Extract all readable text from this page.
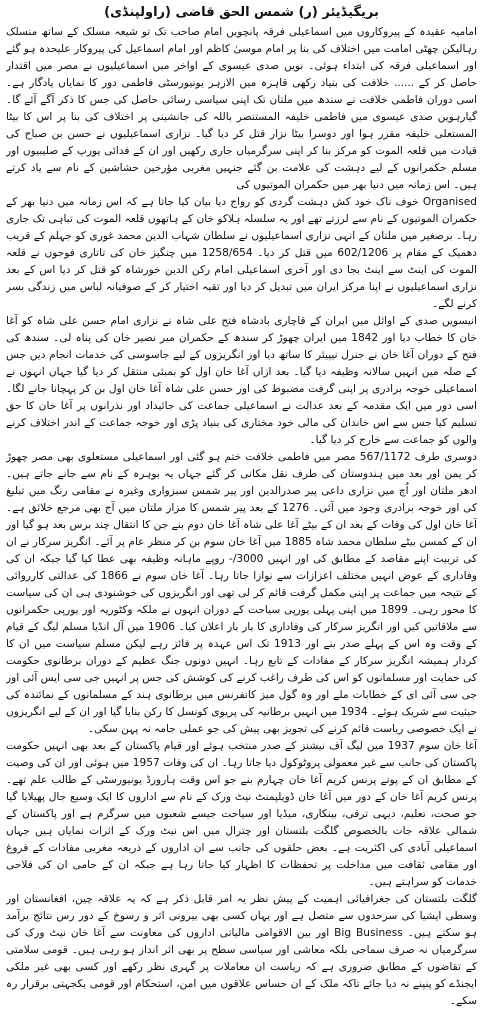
بریگیڈیئر (ر) شمس الحق قاضی (راولپنڈی)

امامیہ عقیدہ کے پیروکاروں میں اسماعیلی فرقہ پانچویں امام صاحب تک تو شیعہ مسلک کے ساتھ منسلک رہالیکن چھٹی امامت میں اختلاف کی بنا پر امام موسیٰ کاظم اور امام اسماعیل کی پیروکار علیحدہ ہو گئے اور اسماعیلی فرقہ کی ابتداء ہوئی۔ نویں صدی عیسوی کے اواخر میں اسماعیلیوں نے مصر میں اقتدار حاصل کر کے ...... خلافت کی بنیاد رکھی قاہرہ میں الازہر یونیورسٹی فاطمی دور کا نمایاں یادگار ہے۔ اسی دوران فاطمی خلافت نے سندھ میں ملتان تک اپنی سیاسی رسائی حاصل کی جس کا ذکر آگے آئے گا۔ گیارہویں صدی عیسوی میں فاطمی خلیفہ المستنصر باللہ کی جانشینی پر اختلاف کی بنا پر اس کا بیٹا المستعلی خلیفہ مقرر ہوا اور دوسرا بیٹا نزار قتل کر دیا گیا۔ نزاری اسماعیلیوں نے حسن بن صباح کی قیادت میں قلعہ الموت کو مرکز بنا کر اپنی سرگرمیاں جاری رکھیں اور ان کے فدائی یورپ کے صلیبیوں اور مسلم حکمرانوں کے لیے دہشت کی علامت بن گئے جنہیں مغربی مؤرخین حشاشین کے نام سے یاد کرتے ہیں۔ اس زمانہ میں دنیا بھر میں حکمران الموتیوں کی

Organised خوف ناک خود کش دہشت گردی کو رواج دیا بیان کیا جاتا ہے کہ اس زمانہ میں دنیا بھر کے حکمران الموتیوں کے نام سے لرزتے تھے اور یہ سلسلہ ہلاکو خان کے ہاتھوں قلعہ الموت کی تباہی تک جاری رہا۔ برصغیر میں ملتان کے انہی نزاری اسماعیلیوں نے سلطان شہاب الدین محمد غوری کو جہلم کے قریب دھمیک کے مقام پر 602/1206 میں قتل کر دیا۔ 1258/654 میں چنگیز خان کی تاتاری فوجوں نے قلعہ الموت کی اینٹ سے اینٹ بجا دی اور آخری اسماعیلی امام رکن الدین خورشاہ کو قتل کر دیا اس کے بعد نزاری اسماعیلیوں نے اپنا مرکز ایران میں تبدیل کر دیا اور تقیہ اختیار کر کے صوفیانہ لباس میں زندگی بسر کرنے لگے۔

انیسویں صدی کے اوائل میں ایران کے قاچاری بادشاہ فتح علی شاہ نے نزاری امام حسن علی شاہ کو آغا خان کا خطاب دیا اور 1842 میں ایران چھوڑ کر سندھ کے حکمران میر نصیر خان کی پناہ لی۔ سندھ کی فتح کے دوران آغا خان نے جنرل نیپیئر کا ساتھ دیا اور انگریزوں کے لیے جاسوسی کی خدمات انجام دیں جس کے صلہ میں انہیں سالانہ وظیفہ دیا گیا۔ بعد ازاں آغا خان اول کو بمبئی منتقل کر دیا گیا جہاں انہوں نے اسماعیلی خوجہ برادری پر اپنی گرفت مضبوط کی اور حسن علی شاہ آغا خان اول بن کر پہچانا جانے لگا۔ اسی دور میں ایک مقدمہ کے بعد عدالت نے اسماعیلی جماعت کی جائیداد اور نذرانوں پر آغا خان کا حق تسلیم کیا جس سے اس خاندان کی مالی خود مختاری کی بنیاد پڑی اور خوجہ جماعت کے اندر اختلاف کرنے والوں کو جماعت سے خارج کر دیا گیا۔

دوسری طرف 567/1172 مصر میں فاطمی خلافت ختم ہو گئی اور اسماعیلی مستعلوی بھی مصر چھوڑ کر یمن اور بعد میں ہندوستان کی طرف نقل مکانی کر گئے جہاں یہ بوہرہ کے نام سے جانے جاتے ہیں۔ ادھر ملتان اور اُچ میں نزاری داعی پیر صدرالدین اور پیر شمس سبزواری وغیرہ نے مقامی رنگ میں تبلیغ کی اور خوجہ برادری وجود میں آئی۔ 1276 کے بعد پیر شمس کا مزار ملتان میں آج بھی مرجع خلائق ہے۔ آغا خان اول کی وفات کے بعد ان کے بیٹے آغا علی شاہ آغا خان دوم بنے جن کا انتقال چند برس بعد ہو گیا اور ان کے کمسن بیٹے سلطان محمد شاہ 1885 میں آغا خان سوم بن کر منظر عام پر آئے۔ انگریز سرکار نے ان کی تربیت اپنے مقاصد کے مطابق کی اور انہیں 3000/- روپے ماہانہ وظیفہ بھی عطا کیا گیا جبکہ ان کی وفاداری کے عوض انہیں مختلف اعزازات سے نوازا جاتا رہا۔ آغا خان سوم نے 1866 کی عدالتی کارروائی کے نتیجہ میں جماعت پر اپنی مکمل گرفت قائم کر لی تھی اور انگریزوں کی خوشنودی ہی ان کی سیاست کا محور رہی۔ 1899 میں اپنی پہلی یورپی سیاحت کے دوران انہوں نے ملکہ وکٹوریہ اور یورپی حکمرانوں سے ملاقاتیں کیں اور انگریز سرکار کی وفاداری کا بار بار اعلان کیا۔ 1906 میں آل انڈیا مسلم لیگ کے قیام کے وقت وہ اس کے پہلے صدر بنے اور 1913 تک اس عہدہ پر فائز رہے لیکن مسلم سیاست میں ان کا کردار ہمیشہ انگریز سرکار کے مفادات کے تابع رہا۔ انہیں دونوں جنگ عظیم کے دوران برطانوی حکومت کی حمایت اور مسلمانوں کو اس کی طرف راغب کرنے کی کوشش کی جس پر انہیں جی سی ایس آئی اور جی سی آئی ای کے خطابات ملے اور وہ گول میز کانفرنس میں برطانوی ہند کے مسلمانوں کے نمائندہ کی حیثیت سے شریک ہوئے۔ 1934 میں انہیں برطانیہ کی پریوی کونسل کا رکن بنایا گیا اور ان کے لیے انگریزوں نے ایک خصوصی ریاست قائم کرنے کی تجویز بھی پیش کی جو عملی جامہ نہ پہن سکی۔

آغا خان سوم 1937 میں لیگ آف نیشنز کے صدر منتخب ہوئے اور قیام پاکستان کے بعد بھی انہیں حکومت پاکستان کی جانب سے غیر معمولی پروٹوکول دیا جاتا رہا۔ ان کی وفات 1957 میں ہوئی اور ان کی وصیت کے مطابق ان کے پوتے پرنس کریم آغا خان چہارم بنے جو اس وقت ہارورڈ یونیورسٹی کے طالب علم تھے۔ پرنس کریم آغا خان کے دور میں آغا خان ڈویلپمنٹ نیٹ ورک کے نام سے اداروں کا ایک وسیع جال پھیلایا گیا جو صحت، تعلیم، دیہی ترقی، بینکاری، میڈیا اور سیاحت جیسے شعبوں میں سرگرم ہے اور پاکستان کے شمالی علاقہ جات بالخصوص گلگت بلتستان اور چترال میں اس نیٹ ورک کے اثرات نمایاں ہیں جہاں اسماعیلی آبادی کی اکثریت ہے۔ بعض حلقوں کی جانب سے ان اداروں کے ذریعہ مغربی مفادات کے فروغ اور مقامی ثقافت میں مداخلت پر تحفظات کا اظہار کیا جاتا رہا ہے جبکہ ان کے حامی ان کی فلاحی خدمات کو سراہتے ہیں۔

گلگت بلتستان کی جغرافیائی اہمیت کے پیش نظر یہ امر قابل ذکر ہے کہ یہ علاقہ چین، افغانستان اور وسطی ایشیا کی سرحدوں سے متصل ہے اور یہاں کسی بھی بیرونی اثر و رسوخ کے دور رس نتائج برآمد ہو سکتے ہیں۔ Big Business اور بین الاقوامی مالیاتی اداروں کی معاونت سے آغا خان نیٹ ورک کی سرگرمیاں نہ صرف سماجی بلکہ معاشی اور سیاسی سطح پر بھی اثر انداز ہو رہی ہیں۔ قومی سلامتی کے تقاضوں کے مطابق ضروری ہے کہ ریاست ان معاملات پر گہری نظر رکھے اور کسی بھی غیر ملکی ایجنڈے کو پنپنے نہ دیا جائے تاکہ ملک کے ان حساس علاقوں میں امن، استحکام اور قومی یکجہتی برقرار رہ سکے۔
